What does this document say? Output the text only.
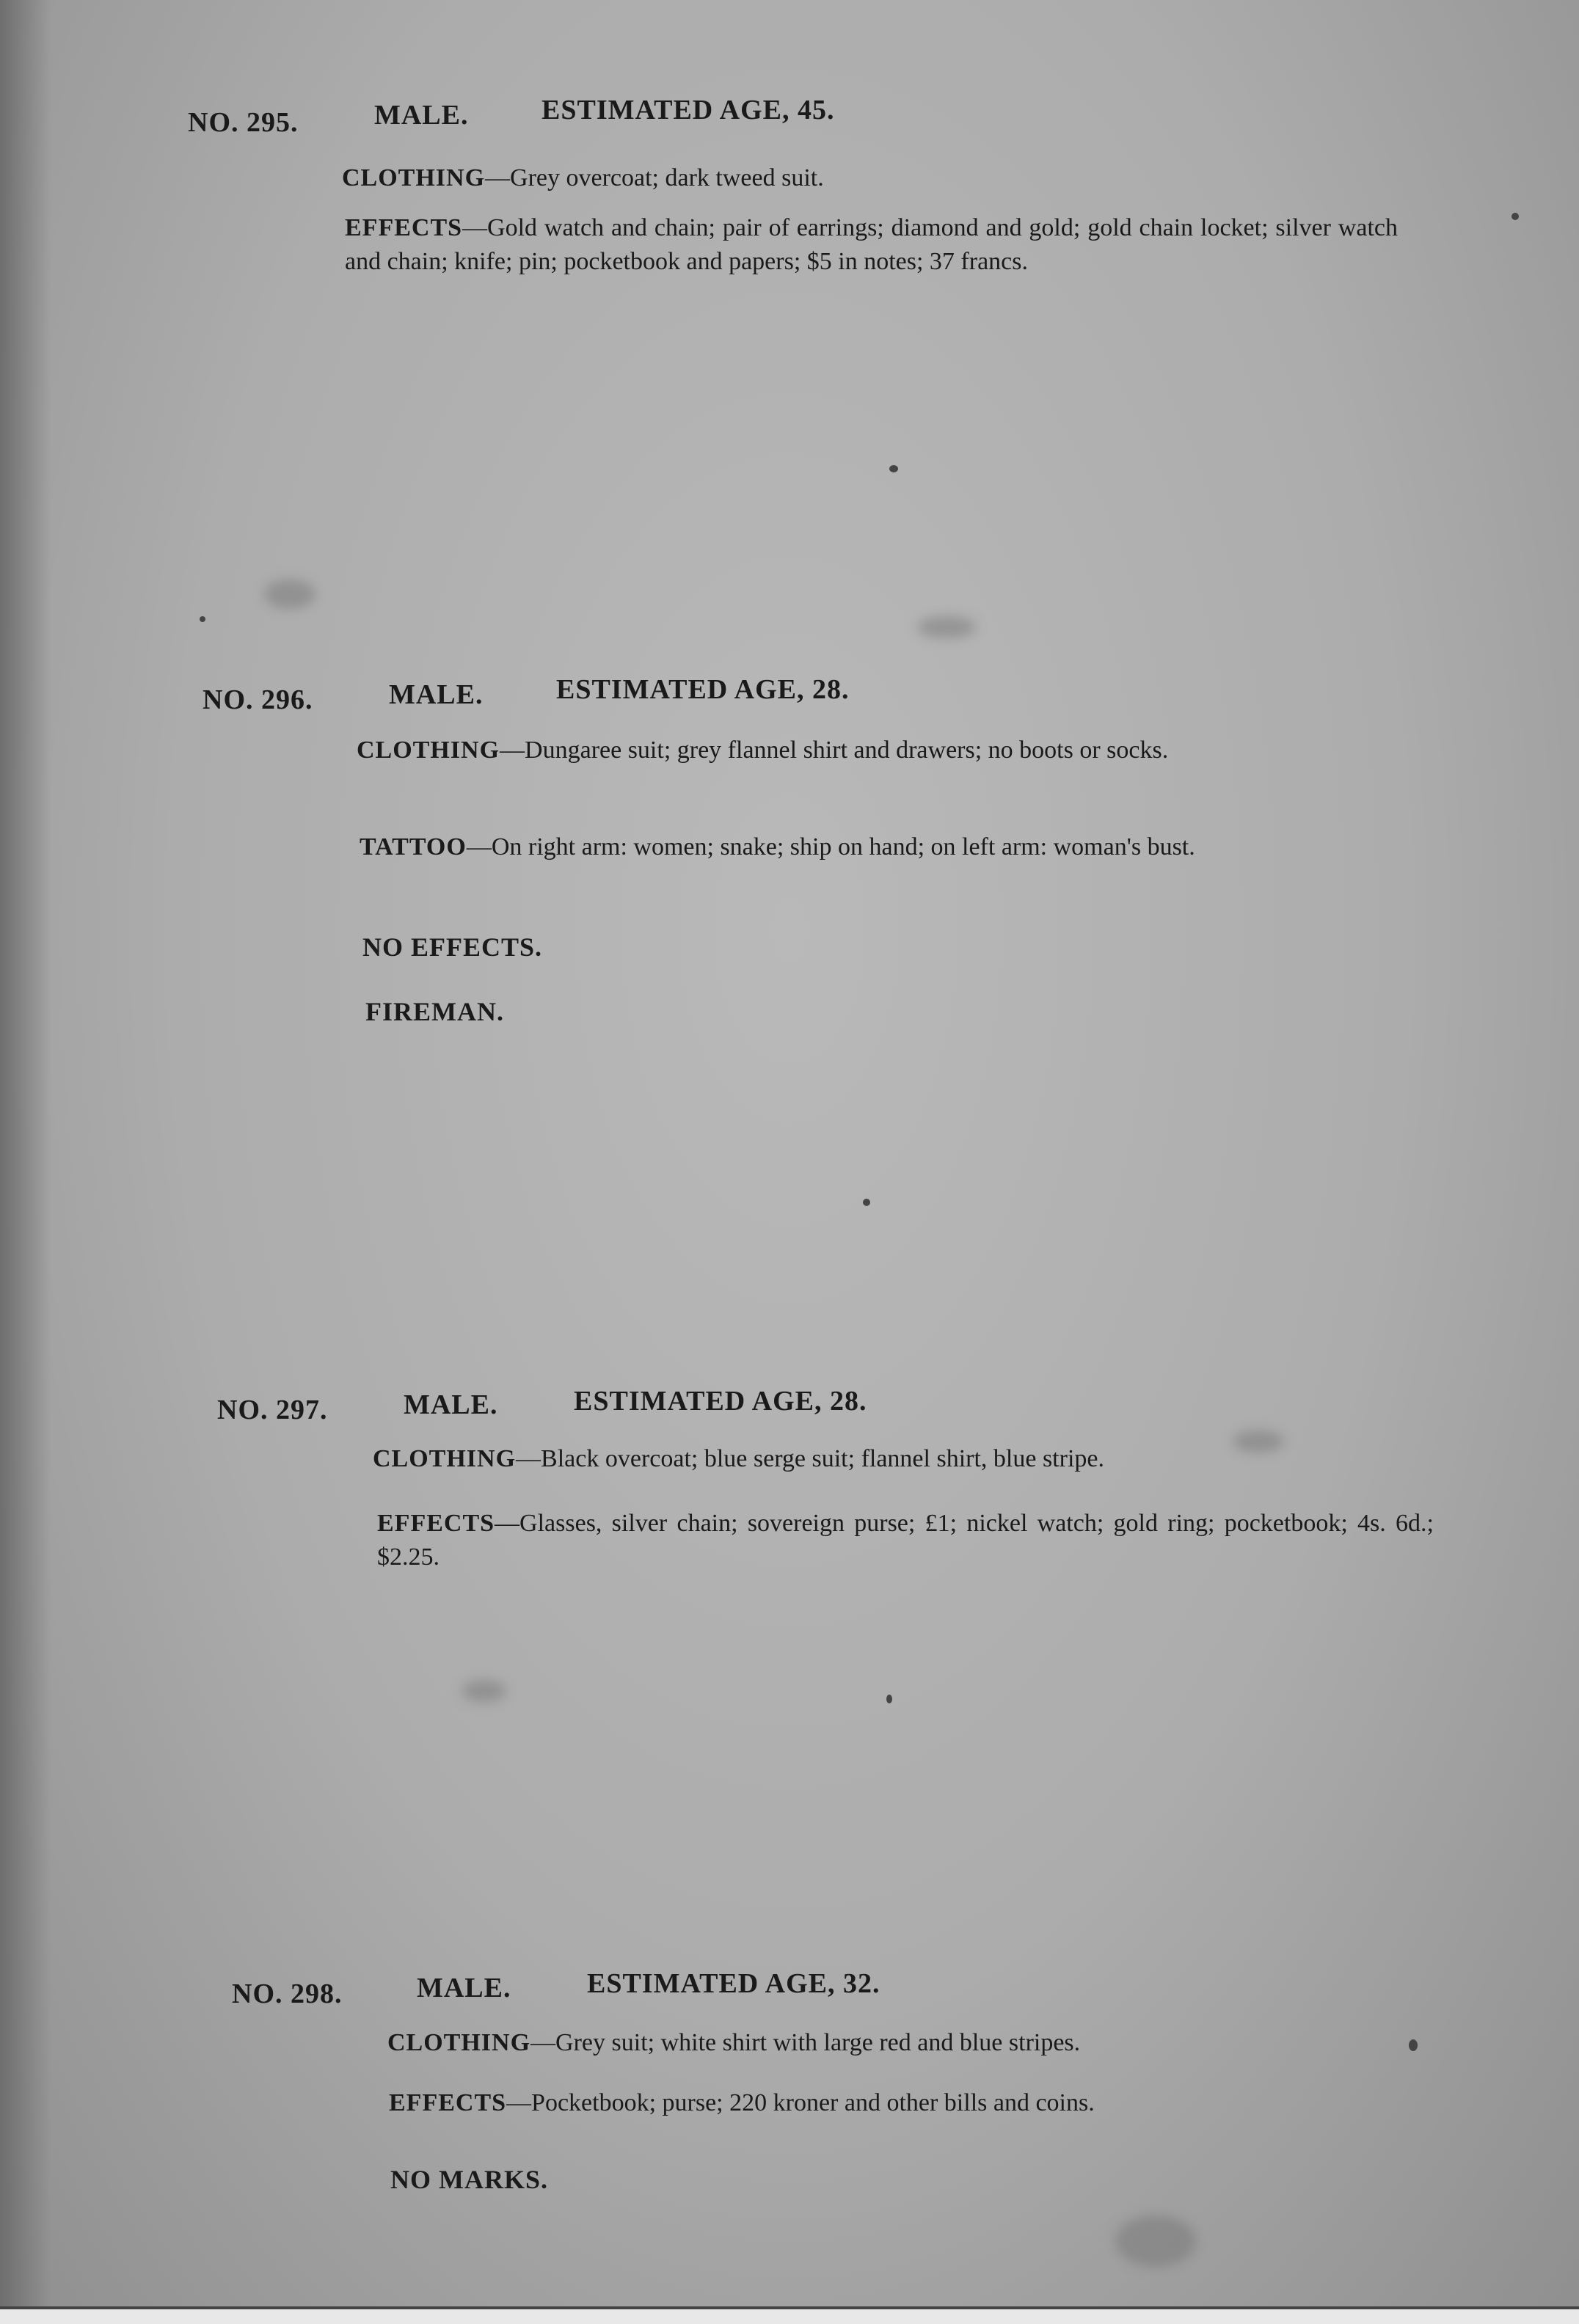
NO. 295.	MALE.	ESTIMATED AGE, 45.
CLOTHING—Grey overcoat; dark tweed suit.
EFFECTS—Gold watch and chain; pair of earrings; diamond and gold; gold chain locket; silver watch and chain; knife; pin; pocketbook and papers; $5 in notes; 37 francs.
NO. 296.	MALE.	ESTIMATED AGE, 28.
CLOTHING—Dungaree suit; grey flannel shirt and drawers; no boots or socks.
TATTOO—On right arm: women; snake; ship on hand; on left arm: woman's bust.
NO EFFECTS.
FIREMAN.
NO. 297.	MALE.	ESTIMATED AGE, 28.
CLOTHING—Black overcoat; blue serge suit; flannel shirt, blue stripe.
EFFECTS—Glasses, silver chain; sovereign purse; £1; nickel watch; gold ring; pocketbook; 4s. 6d.; $2.25.
NO. 298.	MALE.	ESTIMATED AGE, 32.
CLOTHING—Grey suit; white shirt with large red and blue stripes.
EFFECTS—Pocketbook; purse; 220 kroner and other bills and coins.
NO MARKS.
